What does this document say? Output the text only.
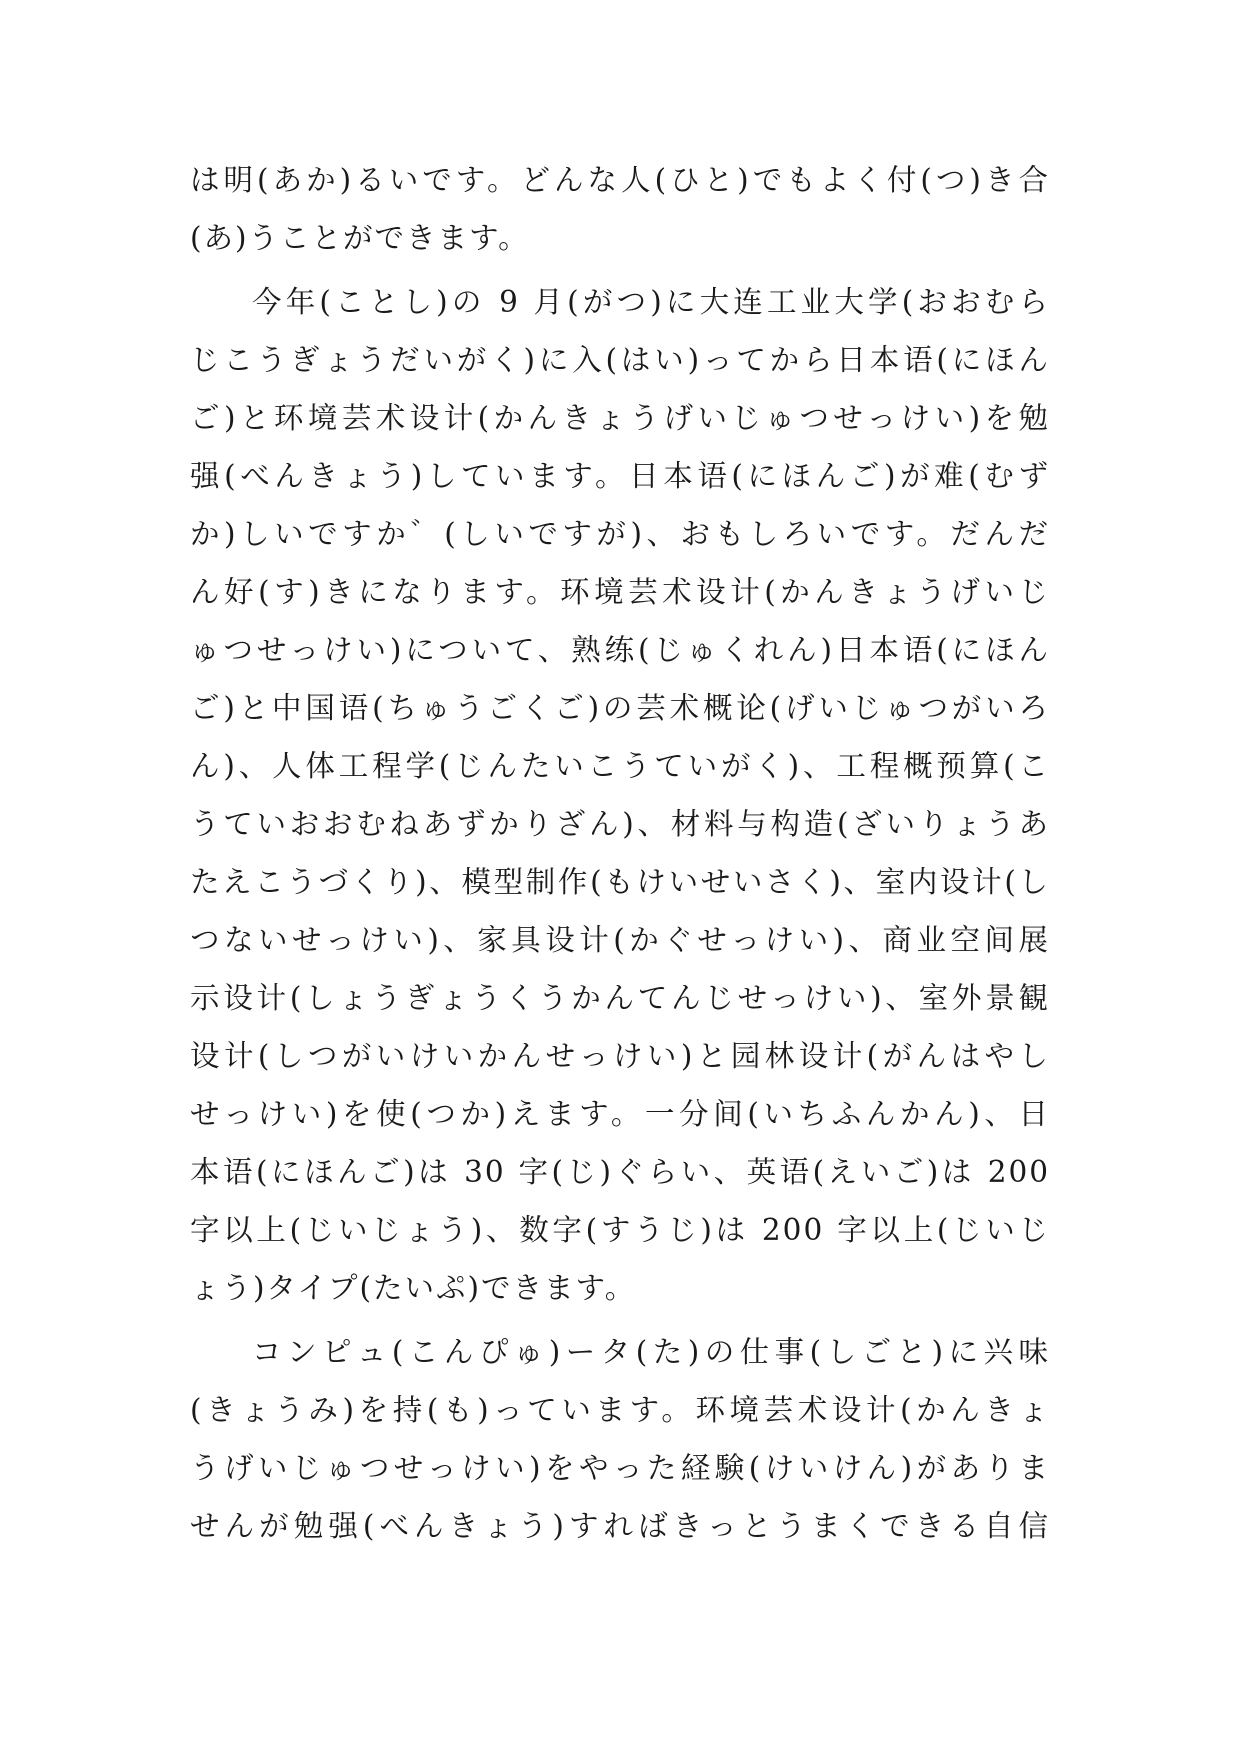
は明(あか)るいです。どんな人(ひと)でもよく付(つ)き合
(あ)うことができます。
今年(ことし)の 9 月(がつ)に大连工业大学(おおむら
じこうぎょうだいがく)に入(はい)ってから日本语(にほん
ご)と环境芸术设计(かんきょうげいじゅつせっけい)を勉
强(べんきょう)しています。日本语(にほんご)が难(むず
か)しいですか゛(しいですが)、おもしろいです。だんだ
ん好(す)きになります。环境芸术设计(かんきょうげいじ
ゅつせっけい)について、熟练(じゅくれん)日本语(にほん
ご)と中国语(ちゅうごくご)の芸术概论(げいじゅつがいろ
ん)、人体工程学(じんたいこうていがく)、工程概预算(こ
うていおおむねあずかりざん)、材料与构造(ざいりょうあ
たえこうづくり)、模型制作(もけいせいさく)、室内设计(し
つないせっけい)、家具设计(かぐせっけい)、商业空间展
示设计(しょうぎょうくうかんてんじせっけい)、室外景観
设计(しつがいけいかんせっけい)と园林设计(がんはやし
せっけい)を使(つか)えます。一分间(いちふんかん)、日
本语(にほんご)は 30 字(じ)ぐらい、英语(えいご)は 200
字以上(じいじょう)、数字(すうじ)は 200 字以上(じいじ
ょう)タイプ(たいぷ)できます。
コンピュ(こんぴゅ)ータ(た)の仕事(しごと)に兴味
(きょうみ)を持(も)っています。环境芸术设计(かんきょ
うげいじゅつせっけい)をやった経験(けいけん)がありま
せんが勉强(べんきょう)すればきっとうまくできる自信
